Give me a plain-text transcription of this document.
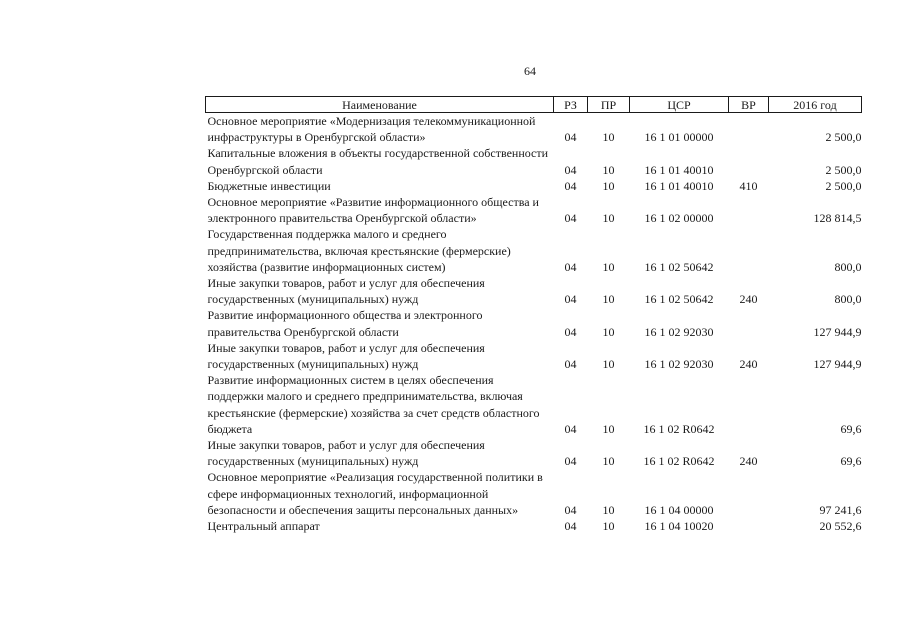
64
Наименование	РЗ	ПР	ЦСР	ВР	2016 год
Основное мероприятие «Модернизация телекоммуникационной инфраструктуры в Оренбургской области»	04	10	16 1 01 00000		2 500,0
Капитальные вложения в объекты государственной собственности Оренбургской области	04	10	16 1 01 40010		2 500,0
Бюджетные инвестиции	04	10	16 1 01 40010	410	2 500,0
Основное мероприятие «Развитие информационного общества и электронного правительства Оренбургской области»	04	10	16 1 02 00000		128 814,5
Государственная поддержка малого и среднего предпринимательства, включая крестьянские (фермерские) хозяйства (развитие информационных систем)	04	10	16 1 02 50642		800,0
Иные закупки товаров, работ и услуг для обеспечения государственных (муниципальных) нужд	04	10	16 1 02 50642	240	800,0
Развитие информационного общества и электронного правительства Оренбургской области	04	10	16 1 02 92030		127 944,9
Иные закупки товаров, работ и услуг для обеспечения государственных (муниципальных) нужд	04	10	16 1 02 92030	240	127 944,9
Развитие информационных систем в целях обеспечения поддержки малого и среднего предпринимательства, включая крестьянские (фермерские) хозяйства за счет средств областного бюджета	04	10	16 1 02 R0642		69,6
Иные закупки товаров, работ и услуг для обеспечения государственных (муниципальных) нужд	04	10	16 1 02 R0642	240	69,6
Основное мероприятие «Реализация государственной политики в сфере информационных технологий, информационной безопасности и обеспечения защиты персональных данных»	04	10	16 1 04 00000		97 241,6
Центральный аппарат	04	10	16 1 04 10020		20 552,6
